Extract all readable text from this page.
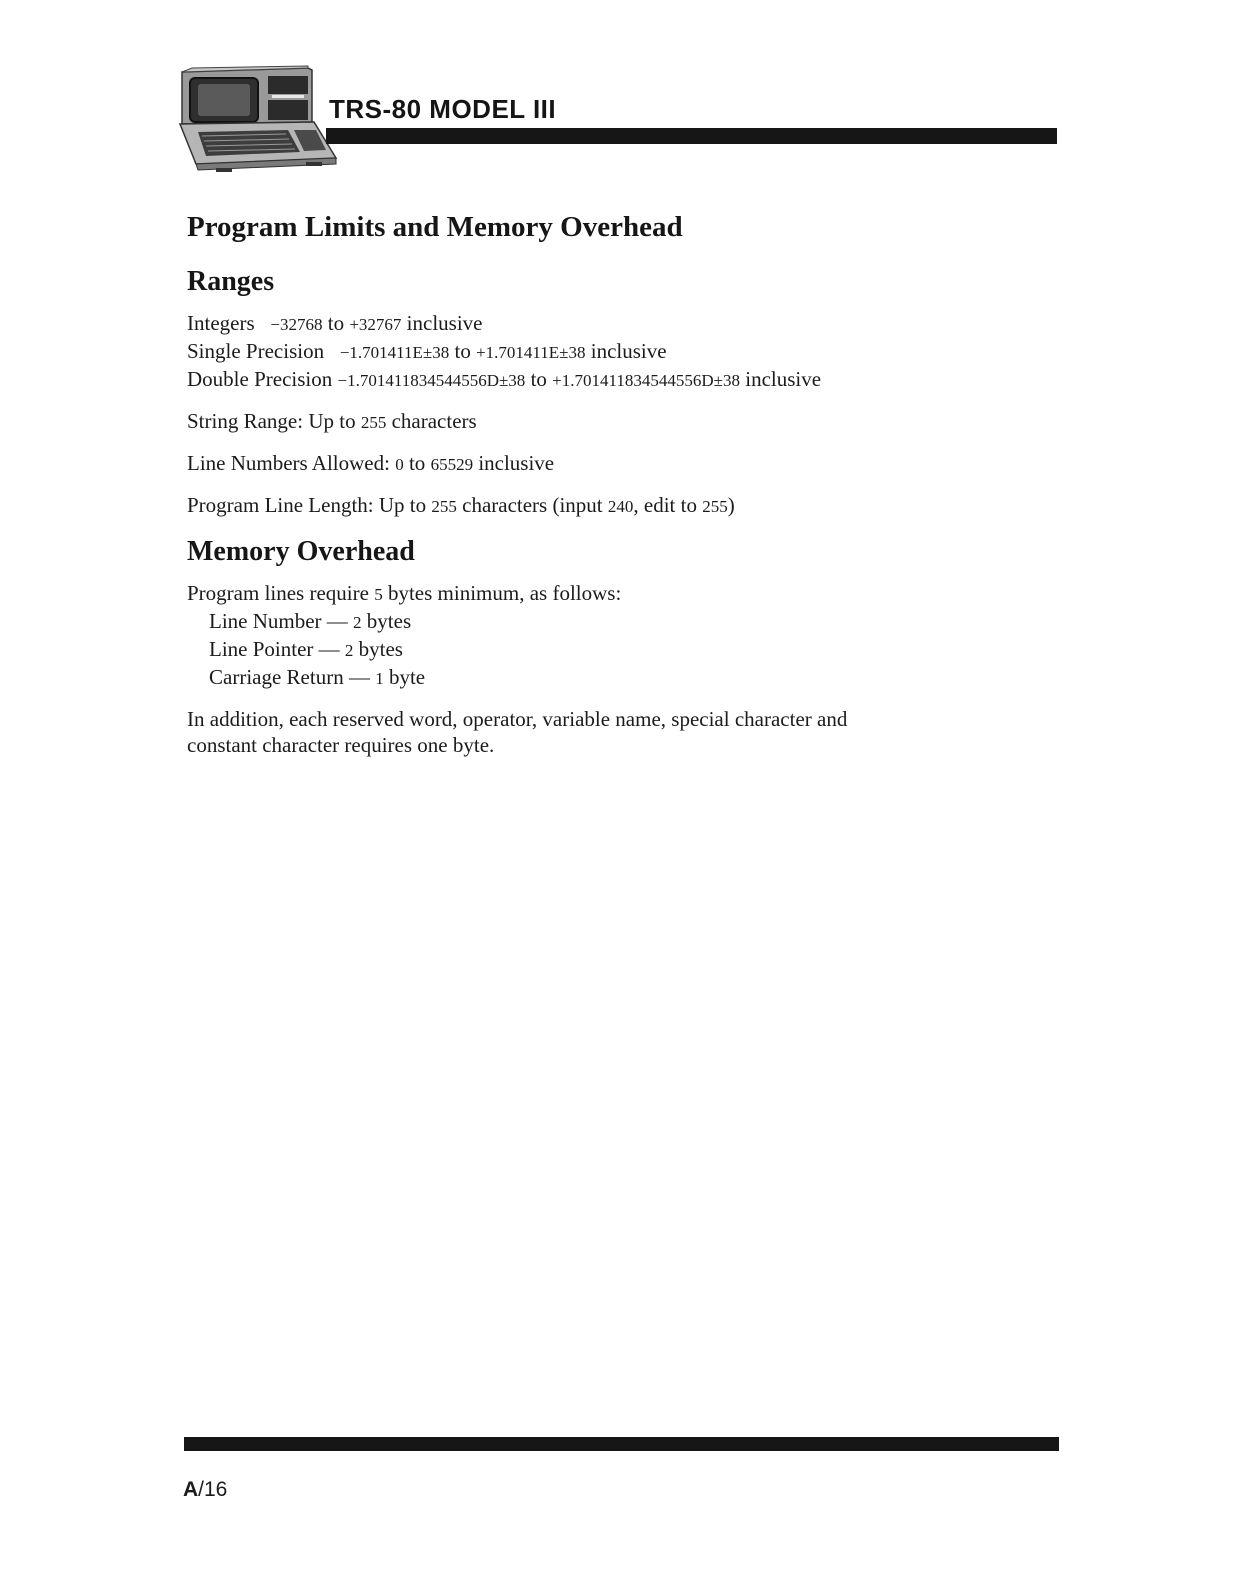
TRS-80 MODEL III
Program Limits and Memory Overhead
Ranges

Integers −32768 to +32767 inclusive

Single Precision −1.701411E±38 to +1.701411E±38 inclusive

Double Precision −1.701411834544556D±38 to +1.701411834544556D±38 inclusive

String Range: Up to 255 characters

Line Numbers Allowed: 0 to 65529 inclusive

Program Line Length: Up to 255 characters (input 240, edit to 255)

Memory Overhead

Program lines require 5 bytes minimum, as follows:

Line Number — 2 bytes

Line Pointer — 2 bytes

Carriage Return — 1 byte

In addition, each reserved word, operator, variable name, special character and

constant character requires one byte.

A/16
